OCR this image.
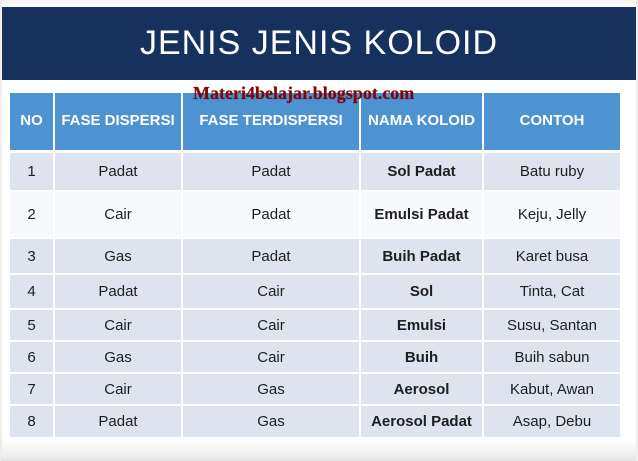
JENIS JENIS KOLOID
Materi4belajar.blogspot.com
NO	FASE DISPERSI	FASE TERDISPERSI	NAMA KOLOID	CONTOH
1	Padat	Padat	Sol Padat	Batu ruby
2	Cair	Padat	Emulsi Padat	Keju, Jelly
3	Gas	Padat	Buih Padat	Karet busa
4	Padat	Cair	Sol	Tinta, Cat
5	Cair	Cair	Emulsi	Susu, Santan
6	Gas	Cair	Buih	Buih sabun
7	Cair	Gas	Aerosol	Kabut, Awan
8	Padat	Gas	Aerosol Padat	Asap, Debu
